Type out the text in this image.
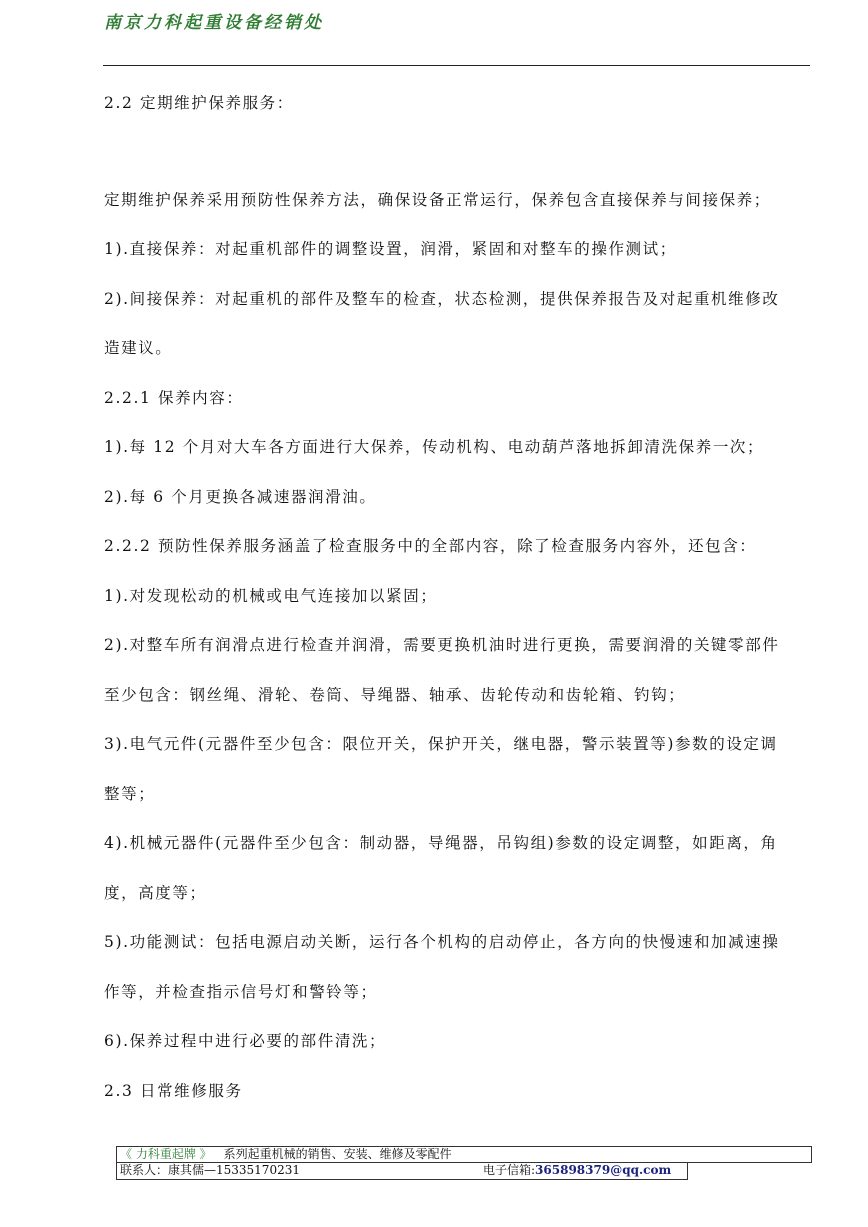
南京力科起重设备经销处
2.2 定期维护保养服务：
定期维护保养采用预防性保养方法，确保设备正常运行，保养包含直接保养与间接保养；
1).直接保养：对起重机部件的调整设置，润滑，紧固和对整车的操作测试；
2).间接保养：对起重机的部件及整车的检查，状态检测，提供保养报告及对起重机维修改
造建议。
2.2.1 保养内容：
1).每 12 个月对大车各方面进行大保养，传动机构、电动葫芦落地拆卸清洗保养一次；
2).每 6 个月更换各减速器润滑油。
2.2.2 预防性保养服务涵盖了检查服务中的全部内容，除了检查服务内容外，还包含：
1).对发现松动的机械或电气连接加以紧固；
2).对整车所有润滑点进行检查并润滑，需要更换机油时进行更换，需要润滑的关键零部件
至少包含：钢丝绳、滑轮、卷筒、导绳器、轴承、齿轮传动和齿轮箱、钓钩；
3).电气元件(元器件至少包含：限位开关，保护开关，继电器，警示装置等)参数的设定调
整等；
4).机械元器件(元器件至少包含：制动器，导绳器，吊钩组)参数的设定调整，如距离，角
度，高度等；
5).功能测试：包括电源启动关断，运行各个机构的启动停止，各方向的快慢速和加减速操
作等，并检查指示信号灯和警铃等；
6).保养过程中进行必要的部件清洗；
2.3 日常维修服务
《 力科重起牌 》 系列起重机械的销售、安装、维修及零配件
联系人：康其儒—15335170231	电子信箱:365898379@qq.com
